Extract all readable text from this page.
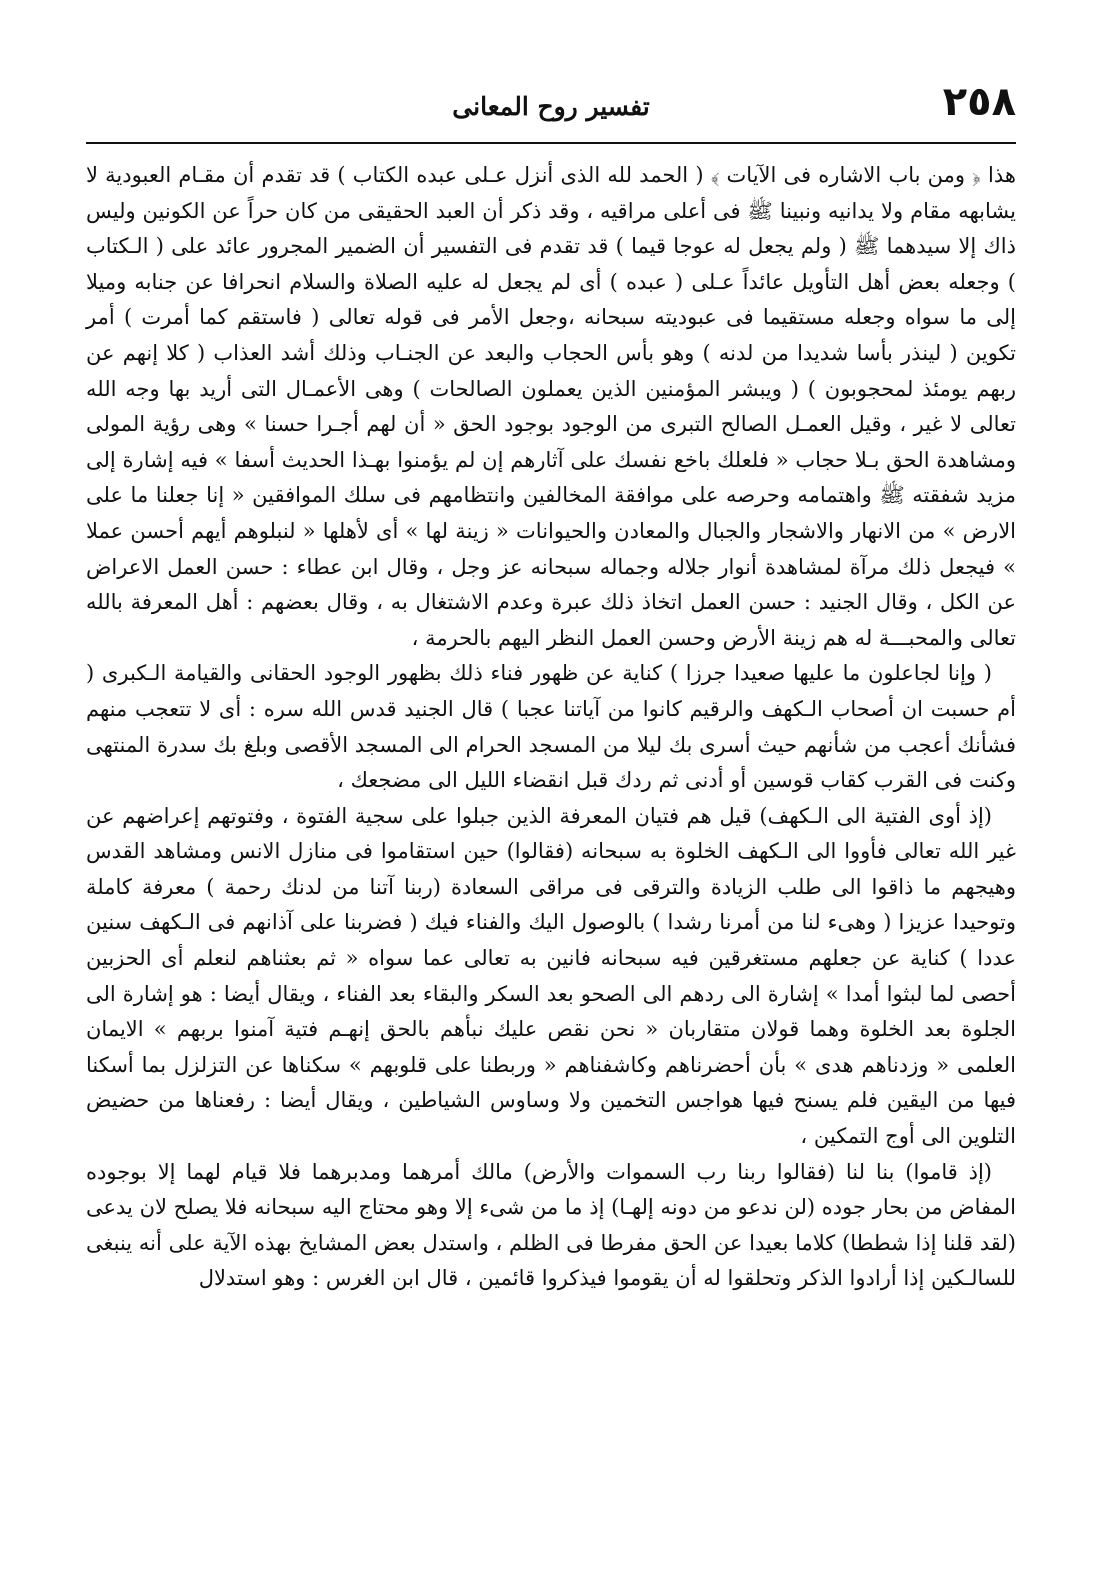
٢٥٨
تفسير روح المعانى

هذا ﴿ ومن باب الاشاره فى الآيات ﴾ ( الحمد لله الذى أنزل عـلى عبده الكتاب ) قد تقدم أن مقـام العبودية لا يشابهه مقام ولا يدانيه ونبينا ﷺ فى أعلى مراقيه ، وقد ذكر أن العبد الحقيقى من كان حراً عن الكونين وليس ذاك إلا سيدهما ﷺ ( ولم يجعل له عوجا قيما ) قد تقدم فى التفسير أن الضمير المجرور عائد على ( الـكتاب ) وجعله بعض أهل التأويل عائداً عـلى ( عبده ) أى لم يجعل له عليه الصلاة والسلام انحرافا عن جنابه وميلا إلى ما سواه وجعله مستقيما فى عبوديته سبحانه ،وجعل الأمر فى قوله تعالى ( فاستقم كما أمرت ) أمر تكوين ( لينذر بأسا شديدا من لدنه ) وهو بأس الحجاب والبعد عن الجنـاب وذلك أشد العذاب ( كلا إنهم عن ربهم يومئذ لمحجوبون ) ( ويبشر المؤمنين الذين يعملون الصالحات ) وهى الأعمـال التى أريد بها وجه الله تعالى لا غير ، وقيل العمـل الصالح التبرى من الوجود بوجود الحق « أن لهم أجـرا حسنا » وهى رؤية المولى ومشاهدة الحق بـلا حجاب « فلعلك باخع نفسك على آثارهم إن لم يؤمنوا بهـذا الحديث أسفا » فيه إشارة إلى مزيد شفقته ﷺ واهتمامه وحرصه على موافقة المخالفين وانتظامهم فى سلك الموافقين « إنا جعلنا ما على الارض » من الانهار والاشجار والجبال والمعادن والحيوانات « زينة لها » أى لأهلها « لنبلوهم أيهم أحسن عملا » فيجعل ذلك مرآة لمشاهدة أنوار جلاله وجماله سبحانه عز وجل ، وقال ابن عطاء : حسن العمل الاعراض عن الكل ، وقال الجنيد : حسن العمل اتخاذ ذلك عبرة وعدم الاشتغال به ، وقال بعضهم : أهل المعرفة بالله تعالى والمحبـــة له هم زينة الأرض وحسن العمل النظر اليهم بالحرمة ،

( وإنا لجاعلون ما عليها صعيدا جرزا ) كناية عن ظهور فناء ذلك بظهور الوجود الحقانى والقيامة الـكبرى ( أم حسبت ان أصحاب الـكهف والرقيم كانوا من آياتنا عجبا ) قال الجنيد قدس الله سره : أى لا تتعجب منهم فشأنك أعجب من شأنهم حيث أسرى بك ليلا من المسجد الحرام الى المسجد الأقصى وبلغ بك سدرة المنتهى وكنت فى القرب كقاب قوسين أو أدنى ثم ردك قبل انقضاء الليل الى مضجعك ،

(إذ أوى الفتية الى الـكهف) قيل هم فتيان المعرفة الذين جبلوا على سجية الفتوة ، وفتوتهم إعراضهم عن غير الله تعالى فأووا الى الـكهف الخلوة به سبحانه (فقالوا) حين استقاموا فى منازل الانس ومشاهد القدس وهيجهم ما ذاقوا الى طلب الزيادة والترقى فى مراقى السعادة (ربنا آتنا من لدنك رحمة ) معرفة كاملة وتوحيدا عزيزا ( وهىء لنا من أمرنا رشدا ) بالوصول اليك والفناء فيك ( فضربنا على آذانهم فى الـكهف سنين عددا ) كناية عن جعلهم مستغرقين فيه سبحانه فانين به تعالى عما سواه « ثم بعثناهم لنعلم أى الحزبين أحصى لما لبثوا أمدا » إشارة الى ردهم الى الصحو بعد السكر والبقاء بعد الفناء ، ويقال أيضا : هو إشارة الى الجلوة بعد الخلوة وهما قولان متقاربان « نحن نقص عليك نبأهم بالحق إنهـم فتية آمنوا بربهم » الايمان العلمى « وزدناهم هدى » بأن أحضرناهم وكاشفناهم « وربطنا على قلوبهم » سكناها عن التزلزل بما أسكنا فيها من اليقين فلم يسنح فيها هواجس التخمين ولا وساوس الشياطين ، ويقال أيضا : رفعناها من حضيض التلوين الى أوج التمكين ،

(إذ قاموا) بنا لنا (فقالوا ربنا رب السموات والأرض) مالك أمرهما ومدبرهما فلا قيام لهما إلا بوجوده المفاض من بحار جوده (لن ندعو من دونه إلهـا) إذ ما من شىء إلا وهو محتاج اليه سبحانه فلا يصلح لان يدعى (لقد قلنا إذا شططا) كلاما بعيدا عن الحق مفرطا فى الظلم ، واستدل بعض المشايخ بهذه الآية على أنه ينبغى للسالـكين إذا أرادوا الذكر وتحلقوا له أن يقوموا فيذكروا قائمين ، قال ابن الغرس : وهو استدلال
